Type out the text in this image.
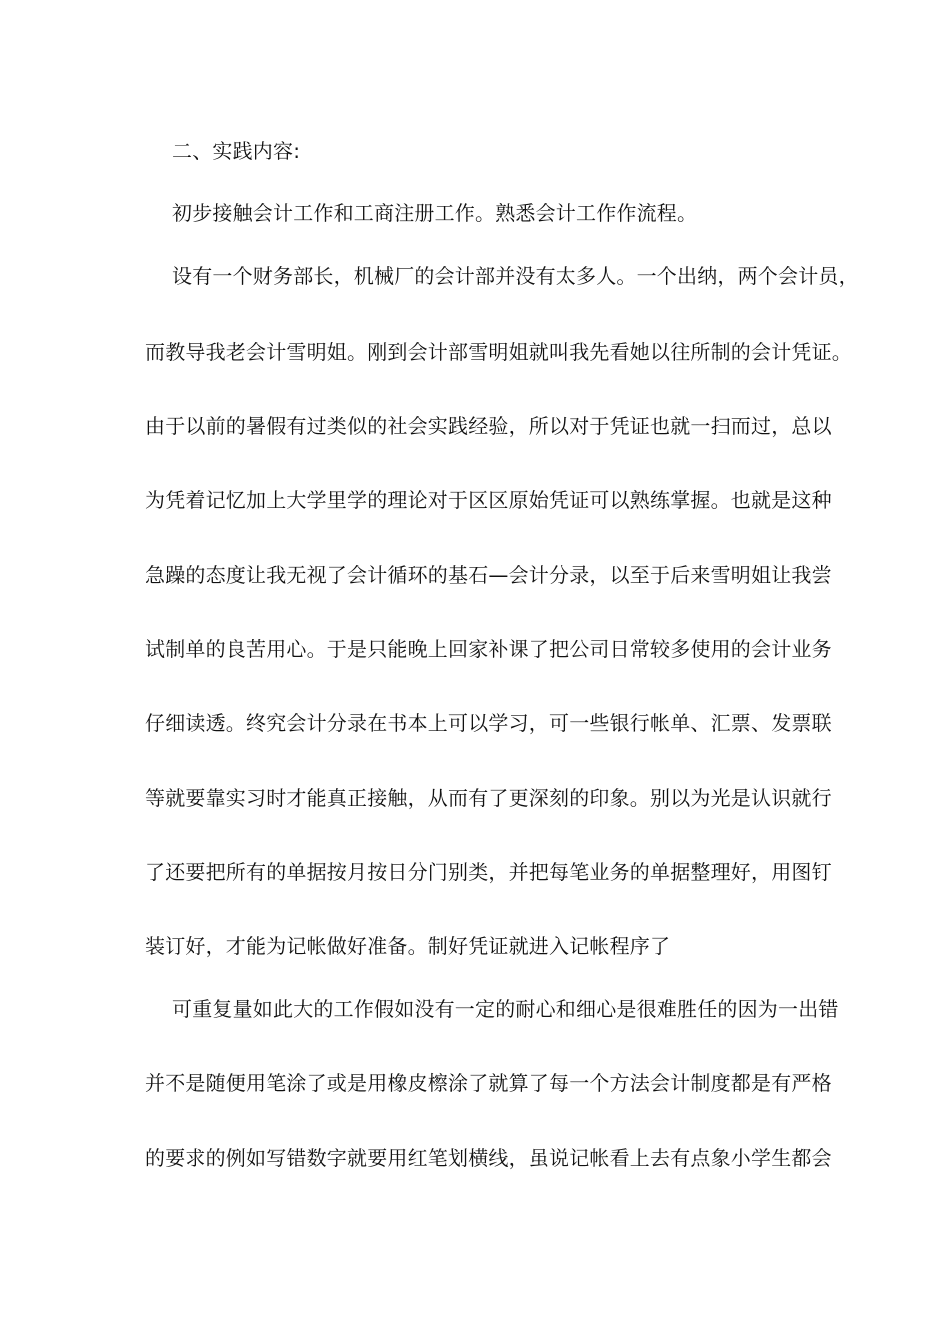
二、实践内容:
初步接触会计工作和工商注册工作。熟悉会计工作作流程。
设有一个财务部长，机械厂的会计部并没有太多人。一个出纳，两个会计员，
而教导我老会计雪明姐。刚到会计部雪明姐就叫我先看她以往所制的会计凭证。
由于以前的暑假有过类似的社会实践经验，所以对于凭证也就一扫而过，总以
为凭着记忆加上大学里学的理论对于区区原始凭证可以熟练掌握。也就是这种
急躁的态度让我无视了会计循环的基石—会计分录，以至于后来雪明姐让我尝
试制单的良苦用心。于是只能晚上回家补课了把公司日常较多使用的会计业务
仔细读透。终究会计分录在书本上可以学习，可一些银行帐单、汇票、发票联
等就要靠实习时才能真正接触，从而有了更深刻的印象。别以为光是认识就行
了还要把所有的单据按月按日分门别类，并把每笔业务的单据整理好，用图钉
装订好，才能为记帐做好准备。制好凭证就进入记帐程序了
可重复量如此大的工作假如没有一定的耐心和细心是很难胜任的因为一出错
并不是随便用笔涂了或是用橡皮檫涂了就算了每一个方法会计制度都是有严格
的要求的例如写错数字就要用红笔划横线，虽说记帐看上去有点象小学生都会
